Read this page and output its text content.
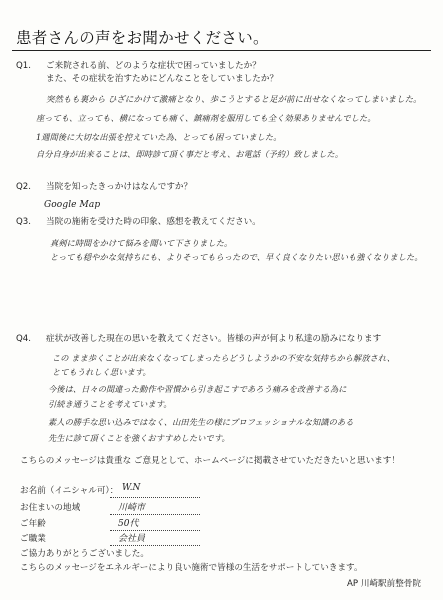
患者さんの声をお聞かせください。
Q1. ご来院される前、どのような症状で困っていましたか？
また、その症状を治すためにどんなことをしていましたか？
突然もも裏から ひざにかけて激痛となり、歩こうとすると足が前に出せなくなってしまいました。
座っても、立っても、横になっても痛く、鎮痛剤を服用しても全く効果ありませんでした。
1週間後に大切な出張を控えていた為、とっても困っていました。
自分自身が出来ることは、即時診て頂く事だと考え、お電話（予約）致しました。
Q2. 当院を知ったきっかけはなんですか？
Google Map
Q3. 当院の施術を受けた時の印象、感想を教えてください。
真剣に時間をかけて悩みを聞いて下さりました。
とっても穏やかな気持ちにも、よりそってもらったので、早く良くなりたい思いも強くなりました。
Q4. 症状が改善した現在の思いを教えてください。皆様の声が何より私達の励みになります
この まま歩くことが出来なくなってしまったらどうしようかの不安な気持ちから解放され、
とてもうれしく思います。
今後は、日々の間違った動作や習慣から引き起こすであろう痛みを改善する為に
引続き通うことを考えています。
素人の勝手な思い込みではなく、山田先生の様にプロフェッショナルな知識のある
先生に診て頂くことを強くおすすめしたいです。
こちらのメッセージは貴重な ご意見として、ホームページに掲載させていただきたいと思います！
お名前（イニシャル可）： W.N
お住まいの地域	川崎市
ご年齢	50代
ご職業	会社員
ご協力ありがとうございました。
こちらのメッセージをエネルギーにより良い施術で皆様の生活をサポートしていきます。
AP 川崎駅前整骨院
